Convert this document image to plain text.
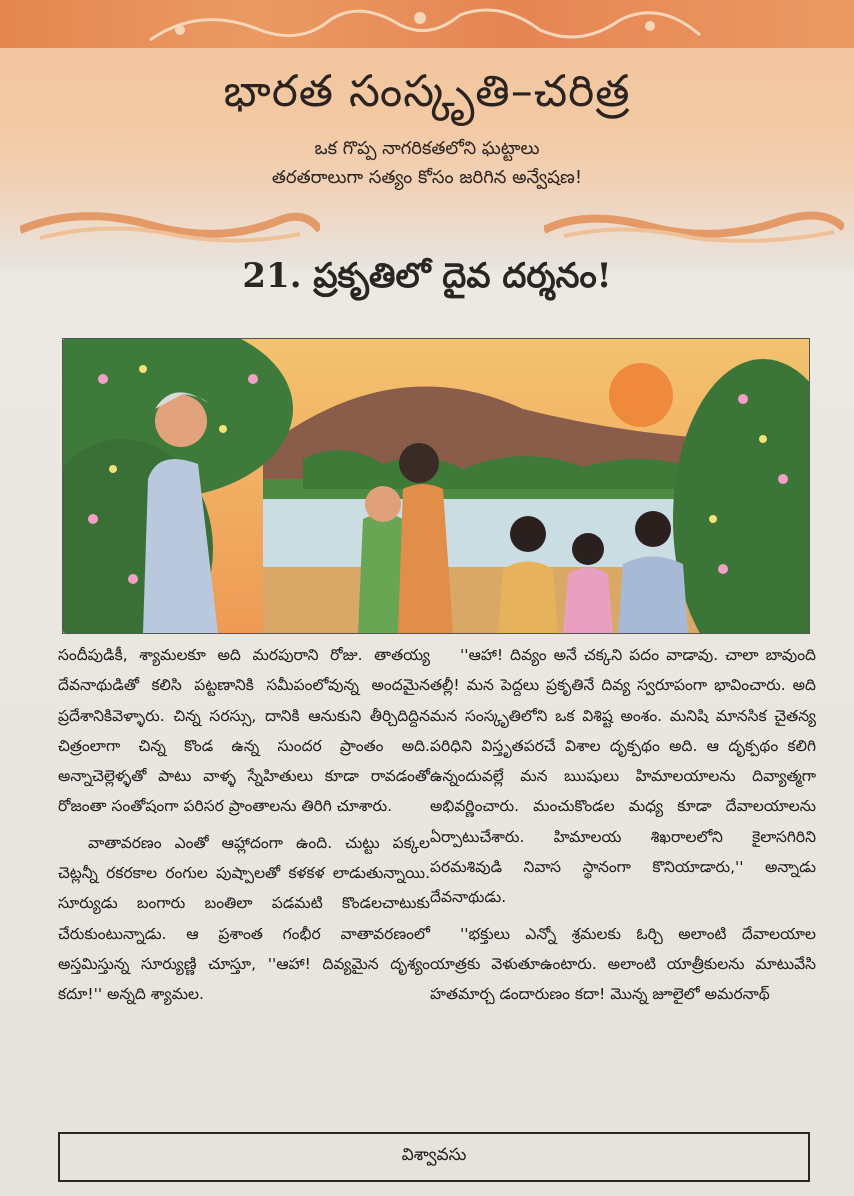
భారత సంస్కృతి–చరిత్ర
ఒక గొప్ప నాగరికతలోని ఘట్టాలు
తరతరాలుగా సత్యం కోసం జరిగిన అన్వేషణ!
21. ప్రకృతిలో దైవ దర్శనం!

సందీపుడికీ, శ్యామలకూ అది మరపురాని రోజు. తాతయ్య దేవనాథుడితో కలిసి పట్టణానికి సమీపంలోవున్న అందమైన ప్రదేశానికివెళ్ళారు. చిన్న సరస్సు, దానికి ఆనుకుని తీర్చిదిద్దిన చిత్రంలాగా చిన్న కొండ ఉన్న సుందర ప్రాంతం అది. అన్నాచెల్లెళ్ళతో పాటు వాళ్ళ స్నేహితులు కూడా రావడంతో రోజంతా సంతోషంగా పరిసర ప్రాంతాలను తిరిగి చూశారు.

వాతావరణం ఎంతో ఆహ్లాదంగా ఉంది. చుట్టు పక్కల చెట్లన్నీ రకరకాల రంగుల పుష్పాలతో కళకళ లాడుతున్నాయి. సూర్యుడు బంగారు బంతిలా పడమటి కొండలచాటుకు చేరుకుంటున్నాడు. ఆ ప్రశాంత గంభీర వాతావరణంలో అస్తమిస్తున్న సూర్యుణ్ణి చూస్తూ, ''ఆహా! దివ్యమైన దృశ్యం కదూ!'' అన్నది శ్యామల.

''ఆహా! దివ్యం అనే చక్కని పదం వాడావు. చాలా బావుంది తల్లీ! మన పెద్దలు ప్రకృతినే దివ్య స్వరూపంగా భావించారు. అది మన సంస్కృతిలోని ఒక విశిష్ట అంశం. మనిషి మానసిక చైతన్య పరిధిని విస్తృతపరచే విశాల దృక్పథం అది. ఆ దృక్పథం కలిగి ఉన్నందువల్లే మన ఋషులు హిమాలయాలను దివ్యాత్మగా అభివర్ణించారు. మంచుకొండల మధ్య కూడా దేవాలయాలను ఏర్పాటుచేశారు. హిమాలయ శిఖరాలలోని కైలాసగిరిని పరమశివుడి నివాస స్థానంగా కొనియాడారు,'' అన్నాడు దేవనాథుడు.

''భక్తులు ఎన్నో శ్రమలకు ఓర్చి అలాంటి దేవాలయాల యాత్రకు వెళుతూఉంటారు. అలాంటి యాత్రీకులను మాటువేసి హతమార్చ డందారుణం కదా! మొన్న జూలైలో అమరనాథ్

విశ్వావసు
